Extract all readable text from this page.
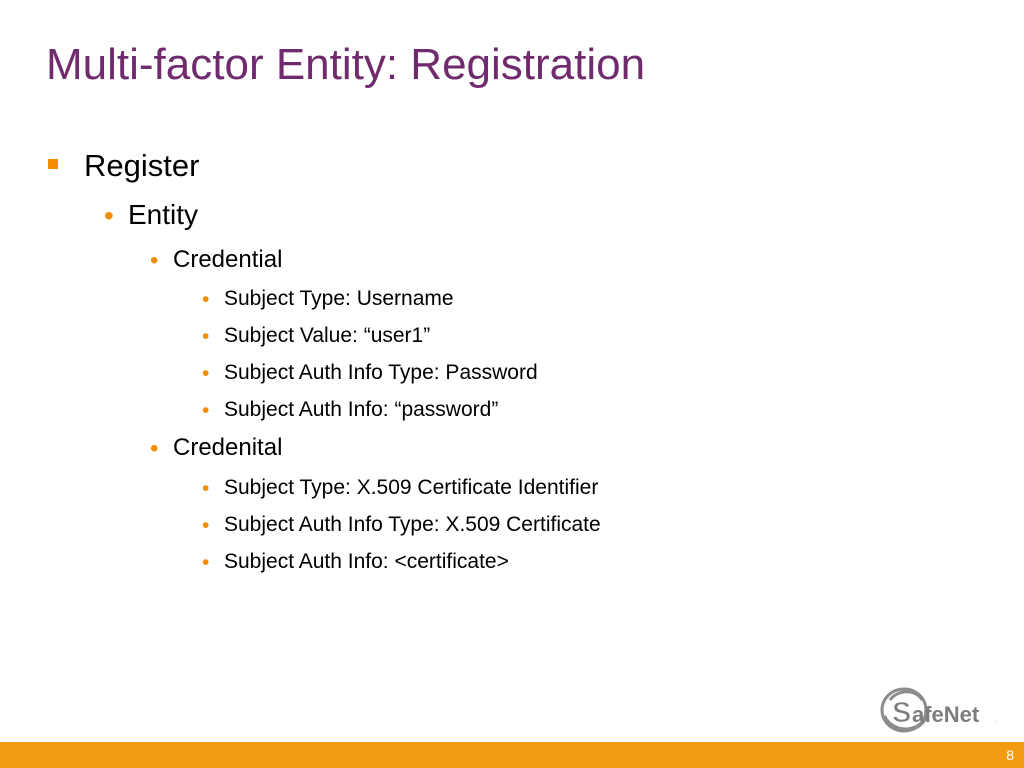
Multi-factor Entity: Registration
Register
• Entity
• Credential
• Subject Type: Username
• Subject Value: “user1”
• Subject Auth Info Type: Password
• Subject Auth Info: “password”
• Credenital
• Subject Type: X.509 Certificate Identifier
• Subject Auth Info Type: X.509 Certificate
• Subject Auth Info: <certificate>
S afeNet	.
8
